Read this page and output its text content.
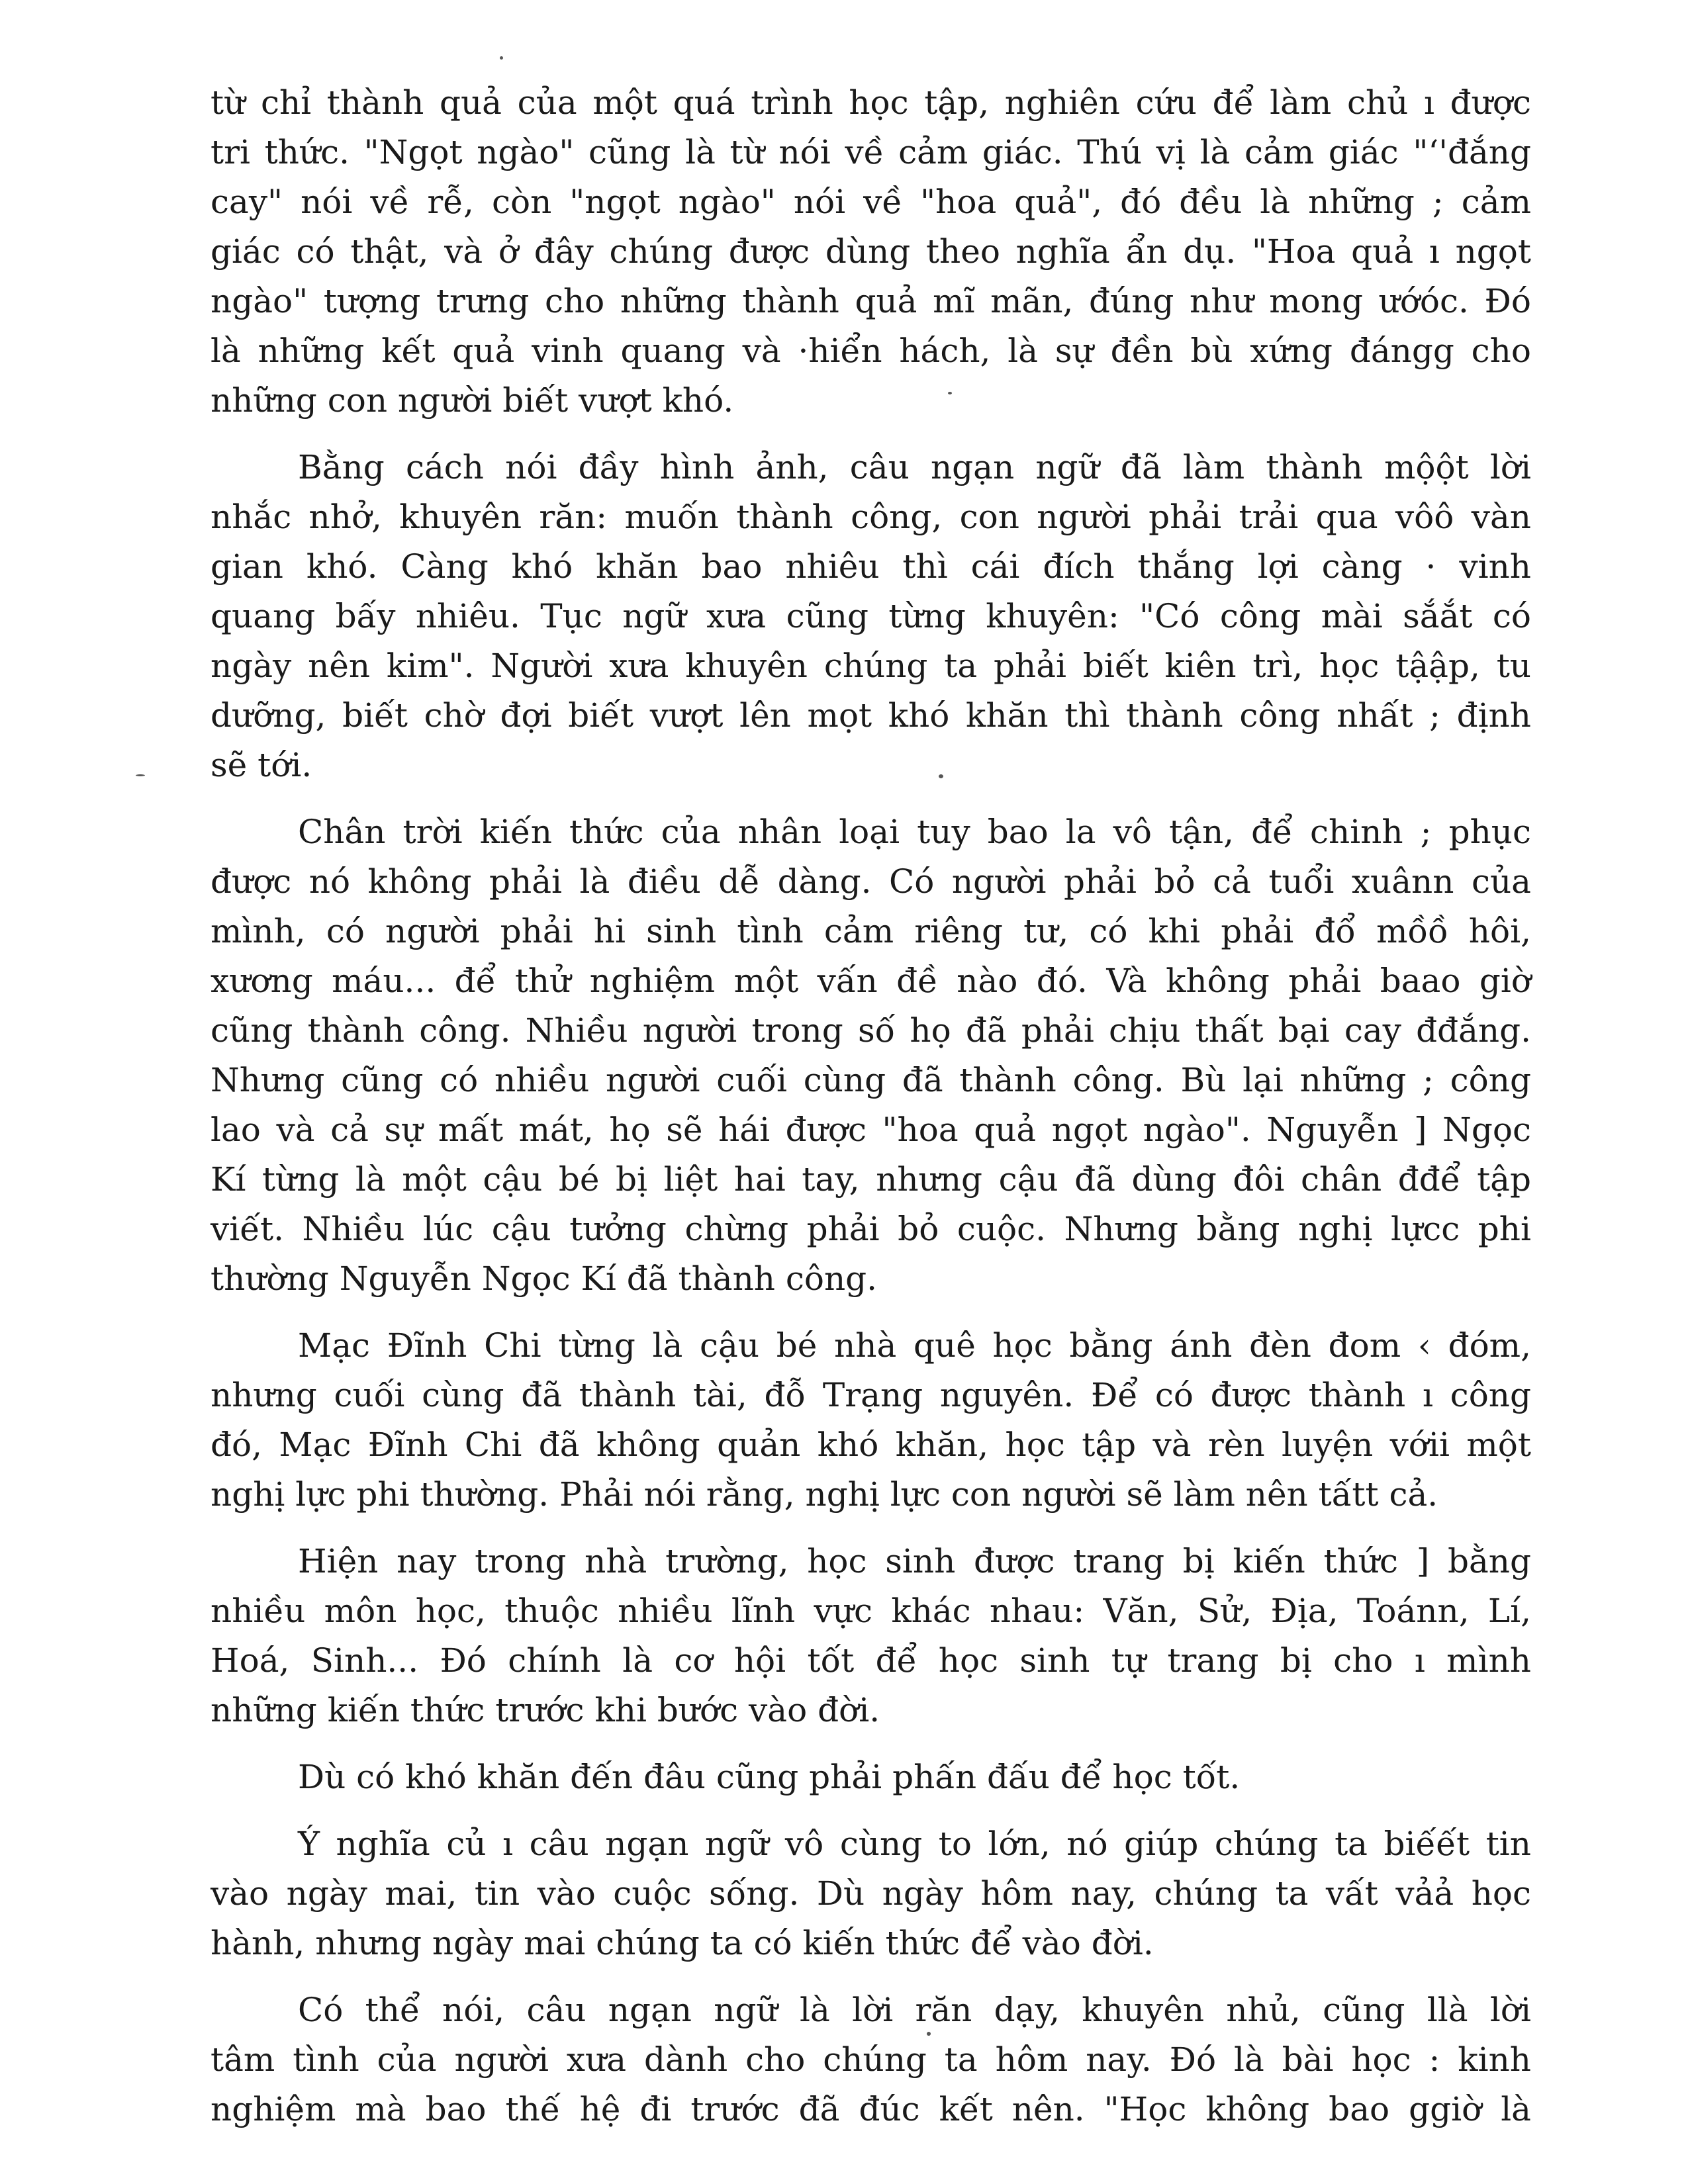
từ chỉ thành quả của một quá trình học tập, nghiên cứu để làm chủ ı được
tri thức. "Ngọt ngào" cũng là từ nói về cảm giác. Thú vị là cảm giác "ʻ'đắng
cay" nói về rễ, còn "ngọt ngào" nói về "hoa quả", đó đều là những ; cảm
giác có thật, và ở đây chúng được dùng theo nghĩa ẩn dụ. "Hoa quả ı ngọt
ngào" tượng trưng cho những thành quả mĩ mãn, đúng như mong ướóc. Đó
là những kết quả vinh quang và ·hiển hách, là sự đền bù xứng đángg cho
những con người biết vượt khó.
Bằng cách nói đầy hình ảnh, câu ngạn ngữ đã làm thành mộột lời
nhắc nhở, khuyên răn: muốn thành công, con người phải trải qua vôô vàn
gian khó. Càng khó khăn bao nhiêu thì cái đích thắng lợi càng · vinh
quang bấy nhiêu. Tục ngữ xưa cũng từng khuyên: "Có công mài sắắt có
ngày nên kim". Người xưa khuyên chúng ta phải biết kiên trì, học tậập, tu
dưỡng, biết chờ đợi biết vượt lên mọt khó khăn thì thành công nhất ; định
sẽ tới.
Chân trời kiến thức của nhân loại tuy bao la vô tận, để chinh ; phục
được nó không phải là điều dễ dàng. Có người phải bỏ cả tuổi xuânn của
mình, có người phải hi sinh tình cảm riêng tư, có khi phải đổ mồồ hôi,
xương máu... để thử nghiệm một vấn đề nào đó. Và không phải baao giờ
cũng thành công. Nhiều người trong số họ đã phải chịu thất bại cay đđắng.
Nhưng cũng có nhiều người cuối cùng đã thành công. Bù lại những ; công
lao và cả sự mất mát, họ sẽ hái được "hoa quả ngọt ngào". Nguyễn ] Ngọc
Kí từng là một cậu bé bị liệt hai tay, nhưng cậu đã dùng đôi chân đđể tập
viết. Nhiều lúc cậu tưởng chừng phải bỏ cuộc. Nhưng bằng nghị lựcc phi
thường Nguyễn Ngọc Kí đã thành công.
Mạc Đĩnh Chi từng là cậu bé nhà quê học bằng ánh đèn đom ‹ đóm,
nhưng cuối cùng đã thành tài, đỗ Trạng nguyên. Để có được thành ı công
đó, Mạc Đĩnh Chi đã không quản khó khăn, học tập và rèn luyện vớii một
nghị lực phi thường. Phải nói rằng, nghị lực con người sẽ làm nên tấtt cả.
Hiện nay trong nhà trường, học sinh được trang bị kiến thức ] bằng
nhiều môn học, thuộc nhiều lĩnh vực khác nhau: Văn, Sử, Địa, Toánn, Lí,
Hoá, Sinh... Đó chính là cơ hội tốt để học sinh tự trang bị cho ı mình
những kiến thức trước khi bước vào đời.
Dù có khó khăn đến đâu cũng phải phấn đấu để học tốt.
Ý nghĩa củ ı câu ngạn ngữ vô cùng to lớn, nó giúp chúng ta biếết tin
vào ngày mai, tin vào cuộc sống. Dù ngày hôm nay, chúng ta vất vảả học
hành, nhưng ngày mai chúng ta có kiến thức để vào đời.
Có thể nói, câu ngạn ngữ là lời răn dạy, khuyên nhủ, cũng llà lời
tâm tình của người xưa dành cho chúng ta hôm nay. Đó là bài học : kinh
nghiệm mà bao thế hệ đi trước đã đúc kết nên. "Học không bao ggiờ là
